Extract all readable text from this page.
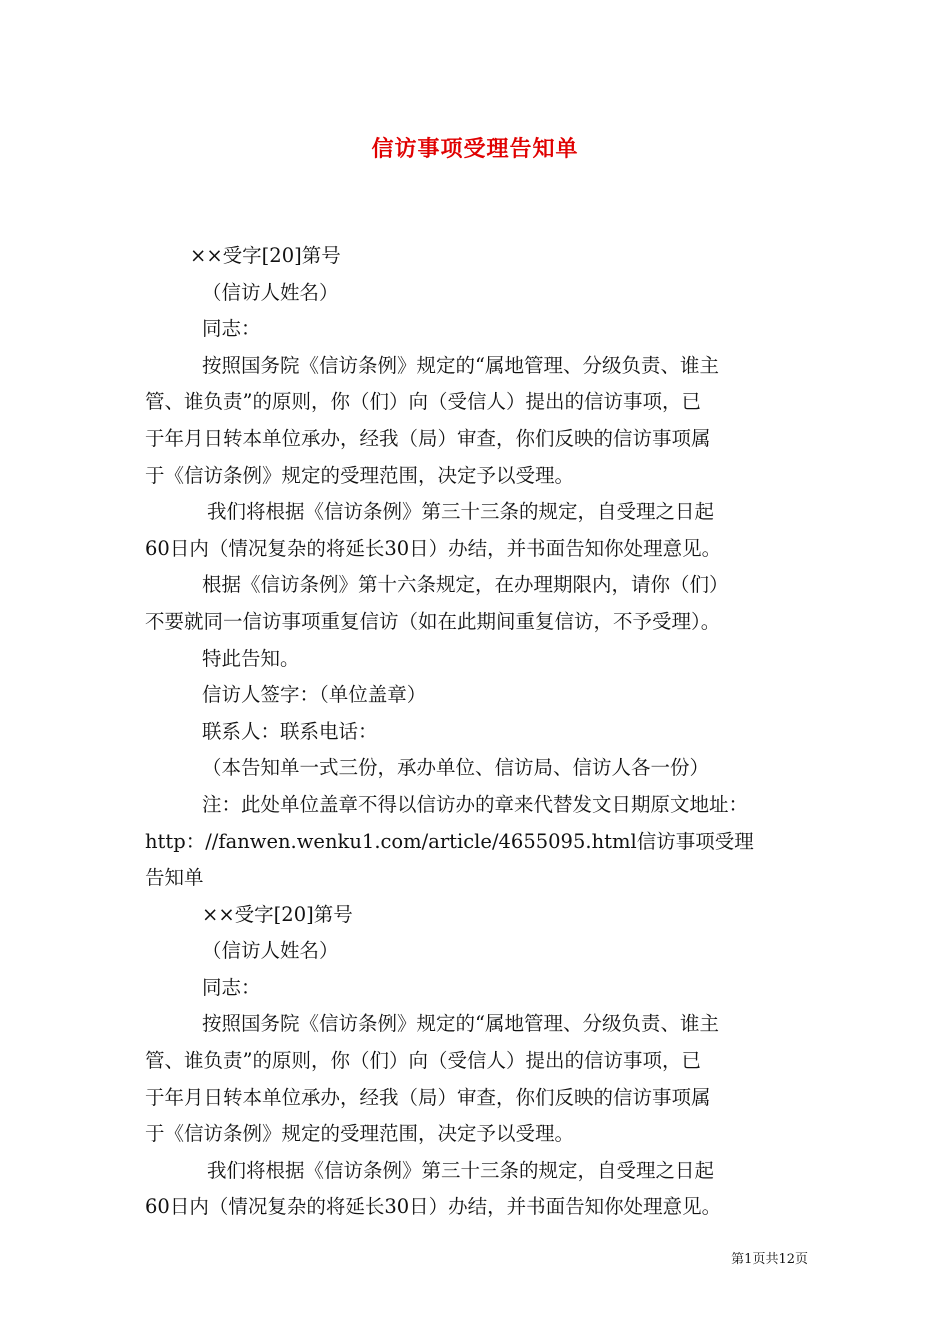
信访事项受理告知单
××受字[20]第号
（信访人姓名）
同志：
按照国务院《信访条例》规定的“属地管理、分级负责、谁主
管、谁负责”的原则，你（们）向（受信人）提出的信访事项，已
于年月日转本单位承办，经我（局）审查，你们反映的信访事项属
于《信访条例》规定的受理范围，决定予以受理。
我们将根据《信访条例》第三十三条的规定，自受理之日起
60日内（情况复杂的将延长30日）办结，并书面告知你处理意见。
根据《信访条例》第十六条规定，在办理期限内，请你（们）
不要就同一信访事项重复信访（如在此期间重复信访，不予受理）。
特此告知。
信访人签字：（单位盖章）
联系人：联系电话：
（本告知单一式三份，承办单位、信访局、信访人各一份）
注：此处单位盖章不得以信访办的章来代替发文日期原文地址：
http：//fanwen.wenku1.com/article/4655095.html信访事项受理
告知单
××受字[20]第号
（信访人姓名）
同志：
按照国务院《信访条例》规定的“属地管理、分级负责、谁主
管、谁负责”的原则，你（们）向（受信人）提出的信访事项，已
于年月日转本单位承办，经我（局）审查，你们反映的信访事项属
于《信访条例》规定的受理范围，决定予以受理。
我们将根据《信访条例》第三十三条的规定，自受理之日起
60日内（情况复杂的将延长30日）办结，并书面告知你处理意见。
第1页共12页
